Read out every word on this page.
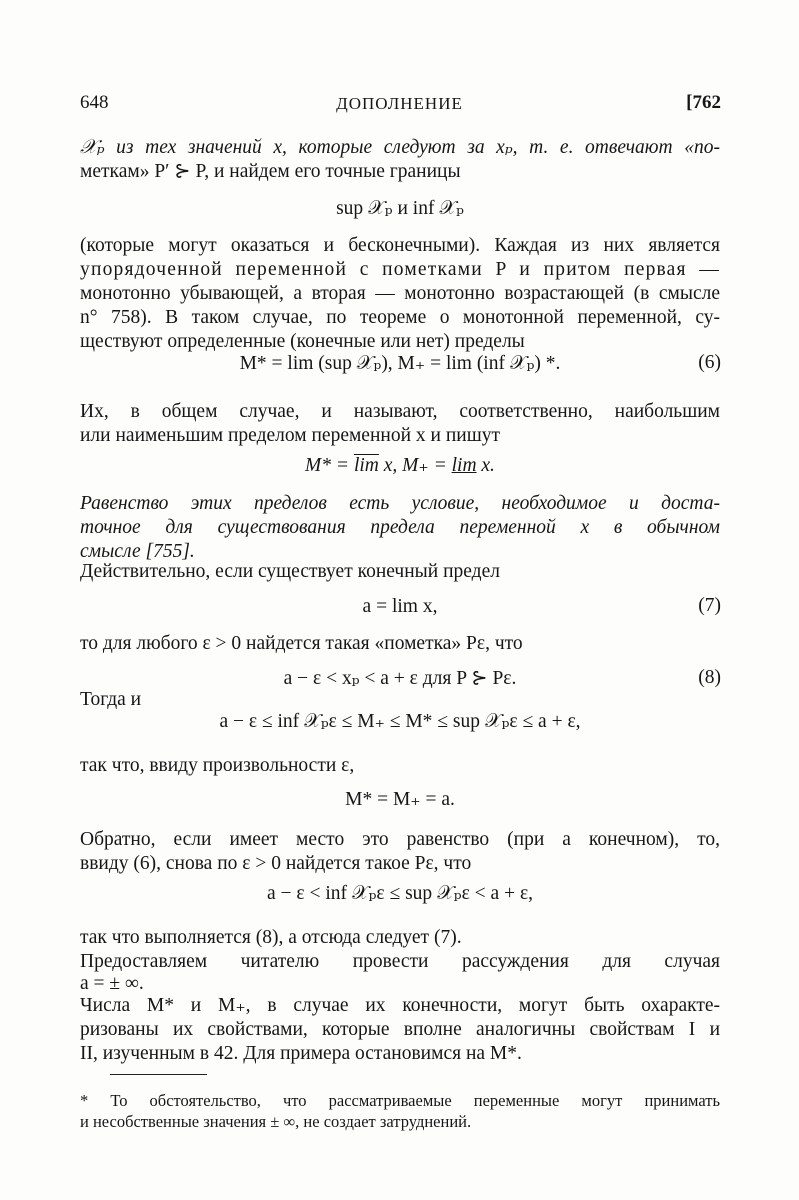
648	ДОПОЛНЕНИЕ	[762
𝒳ₚ из тех значений x, которые следуют за xₚ, т. е. отвечают «по-
меткам» P′ ⊱ P, и найдем его точные границы
sup 𝒳ₚ и inf 𝒳ₚ
(которые могут оказаться и бесконечными). Каждая из них является
упорядоченной переменной с пометками P и притом первая —
монотонно убывающей, а вторая — монотонно возрастающей (в смысле
n° 758). В таком случае, по теореме о монотонной переменной, су-
ществуют определенные (конечные или нет) пределы
M* = lim (sup 𝒳ₚ), M₊ = lim (inf 𝒳ₚ) *.	(6)
Их, в общем случае, и называют, соответственно, наибольшим
или наименьшим пределом переменной x и пишут
$M* = \overline{lim}$ x, M₊ = lim x.
Равенство этих пределов есть условие, необходимое и доста-
точное для существования предела переменной x в обычном
смысле [755].
Действительно, если существует конечный предел
a = lim x,	(7)
то для любого ε > 0 найдется такая «пометка» Pε, что
a − ε < xₚ < a + ε для P ⊱ Pε.	(8)
Тогда и
a − ε ≤ inf 𝒳ₚε ≤ M₊ ≤ M* ≤ sup 𝒳ₚε ≤ a + ε,
так что, ввиду произвольности ε,
M* = M₊ = a.
Обратно, если имеет место это равенство (при a конечном), то,
ввиду (6), снова по ε > 0 найдется такое Pε, что
a − ε < inf 𝒳ₚε ≤ sup 𝒳ₚε < a + ε,
так что выполняется (8), а отсюда следует (7).
Предоставляем читателю провести рассуждения для случая
a = ± ∞.
Числа M* и M₊, в случае их конечности, могут быть охаракте-
ризованы их свойствами, которые вполне аналогичны свойствам I и
II, изученным в 42. Для примера остановимся на M*.
* То обстоятельство, что рассматриваемые переменные могут принимать
и несобственные значения ± ∞, не создает затруднений.
